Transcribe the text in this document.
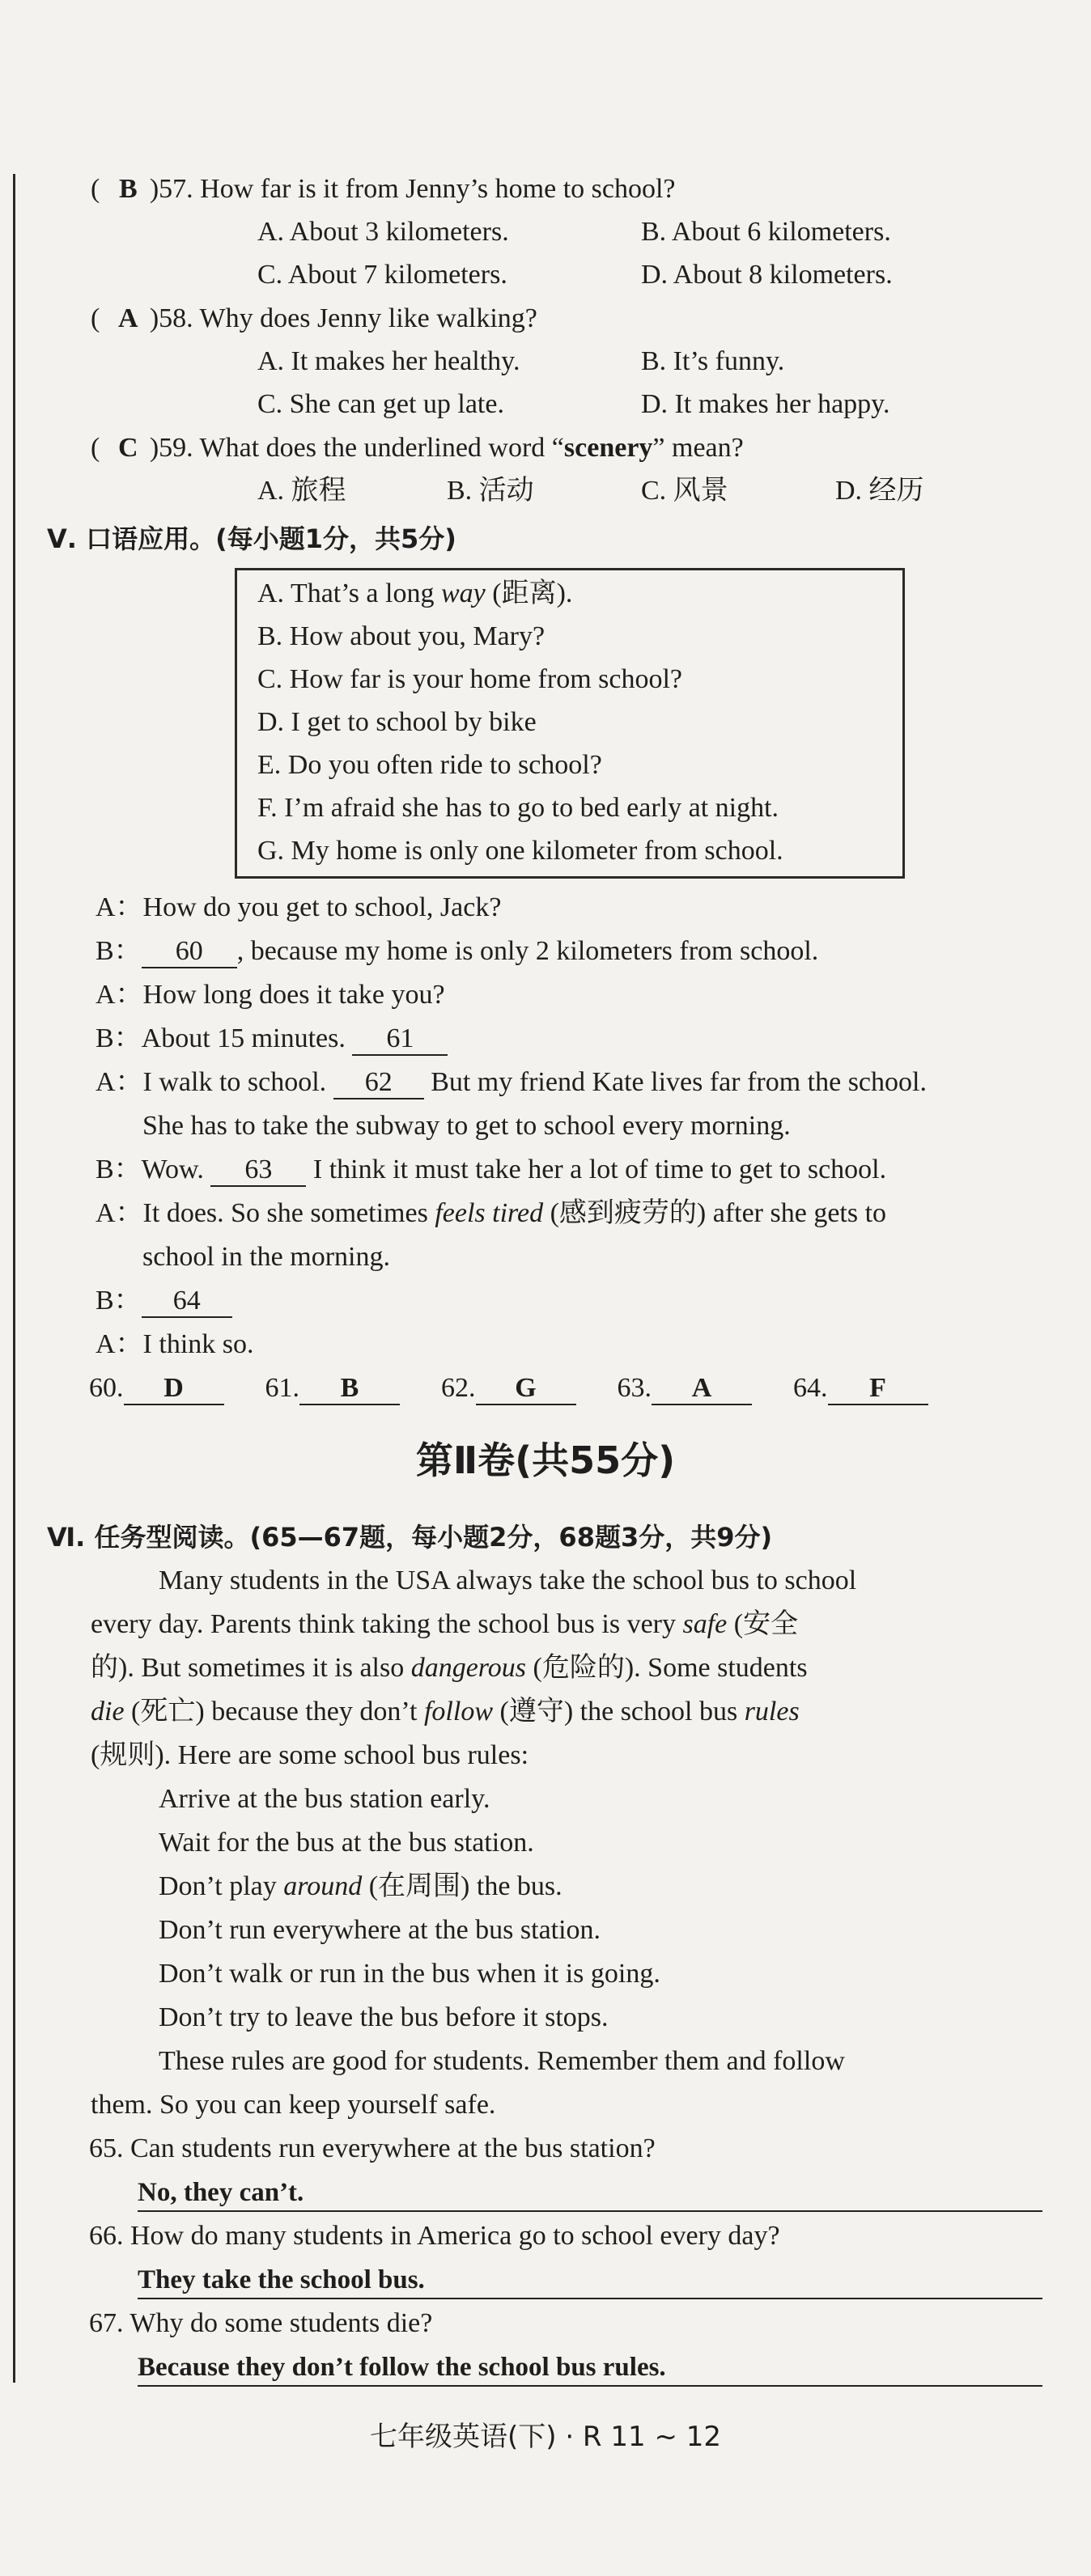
(  B )57. How far is it from Jenny’s home to school?
A. About 3 kilometers.	B. About 6 kilometers.
C. About 7 kilometers.	D. About 8 kilometers.
(  A )58. Why does Jenny like walking?
A. It makes her healthy.	B. It’s funny.
C. She can get up late.	D. It makes her happy.
(  C )59. What does the underlined word “scenery” mean?
A. 旅程	B. 活动	C. 风景	D. 经历
Ⅴ. 口语应用。(每小题1分，共5分)
A. That’s a long way (距离).
B. How about you, Mary?
C. How far is your home from school?
D. I get to school by bike
E. Do you often ride to school?
F. I’m afraid she has to go to bed early at night.
G. My home is only one kilometer from school.
A：How do you get to school, Jack?
B： 60 , because my home is only 2 kilometers from school.
A：How long does it take you?
B：About 15 minutes. 61
A：I walk to school. 62 But my friend Kate lives far from the school.
She has to take the subway to get to school every morning.
B：Wow. 63 I think it must take her a lot of time to get to school.
A：It does. So she sometimes feels tired (感到疲劳的) after she gets to
school in the morning.
B： 64
A：I think so.
60. D	61. B	62. G	63. A	64. F
第Ⅱ卷(共55分)
Ⅵ. 任务型阅读。(65—67题，每小题2分，68题3分，共9分)
Many students in the USA always take the school bus to school
every day. Parents think taking the school bus is very safe (安全
的). But sometimes it is also dangerous (危险的). Some students
die (死亡) because they don’t follow (遵守) the school bus rules
(规则). Here are some school bus rules:
Arrive at the bus station early.
Wait for the bus at the bus station.
Don’t play around (在周围) the bus.
Don’t run everywhere at the bus station.
Don’t walk or run in the bus when it is going.
Don’t try to leave the bus before it stops.
These rules are good for students. Remember them and follow
them. So you can keep yourself safe.
65. Can students run everywhere at the bus station?
No, they can’t.
66. How do many students in America go to school every day?
They take the school bus.
67. Why do some students die?
Because they don’t follow the school bus rules.
七年级英语(下) · R 11 ~ 12
